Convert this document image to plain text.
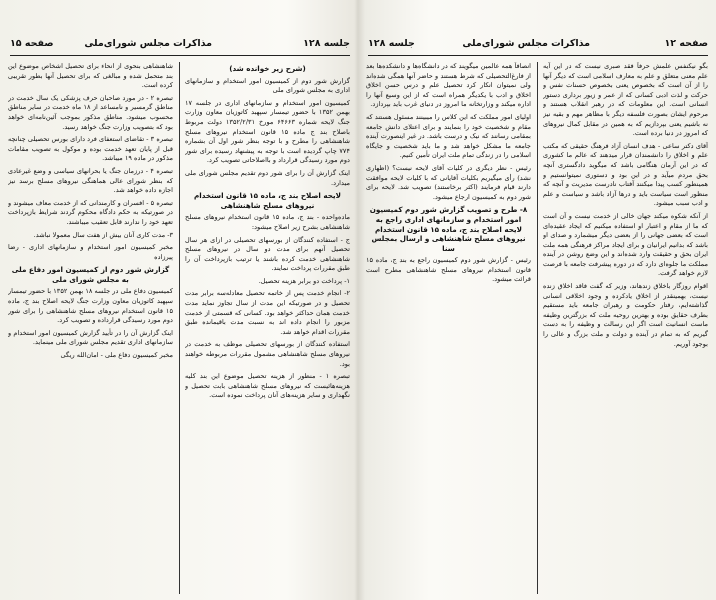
جلسه ۱۲۸
مذاکرات مجلس شورای‌ملی
صفحه ۱۵

(شرح زیر خوانده شد)

گزارش شور دوم از کمیسیون امور استخدام و سازمانهای اداری به مجلس شورای ملی

کمیسیون امور استخدام و سازمانهای اداری در جلسه ۱۷ بهمن ۱۳۵۲ با حضور تیمسار سپهبد کاتوزیان معاون وزارت جنگ لایحه شماره ۶۴۶۶۳ مورخ ۱۳۵۲/۲/۳۱ دولت مربوط باصلاح بند ج ماده ۱۵ قانون استخدام نیروهای مسلح شاهنشاهی را مطرح و با توجه بنظر شور اول آن بشماره ۷۷۴ چاپ گردیده است با توجه به پیشنهاد رسیده برای شور دوم مورد رسیدگی قرارداد و بااصلاحاتی تصویب کرد.

اینک گزارش آن را برای شور دوم تقدیم مجلس شورای ملی میدارد.

لایحه اصلاح بند ج، ماده ۱۵ قانون استخدام نیروهای مسلح شاهنشاهی

ماده‌واحده - بند ج، ماده ۱۵ قانون استخدام نیروهای مسلح شاهنشاهی بشرح زیر اصلاح میشود:

ج - استفاده کنندگان از بورسهای تحصیلی در ازای هر سال تحصیل آنهم برای مدت دو سال در نیروهای مسلح شاهنشاهی خدمت کرده باشند یا ترتیب بازپرداخت آن را طبق مقررات پرداخت نمایند.

۱- پرداخت دو برابر هزینه تحصیل.

۲- انجام خدمت پس از خاتمه تحصیل معادله‌سه برابر مدت تحصیل و در صورتیکه این مدت از سال تجاوز نماید مدت خدمت همان حداکثر خواهد بود. کسانی که قسمتی از خدمت مزبور را انجام داده اند به نسبت مدت باقیمانده طبق مقررات اقدام خواهد شد.

استفاده کنندگان از بورسهای تحصیلی موظف به خدمت در نیروهای مسلح شاهنشاهی مشمول مقررات مربوطه خواهند بود.

تبصره ۱ - منظور از هزینه تحصیل موضوع این بند کلیه هزینه‌هائیست که نیروهای مسلح شاهنشاهی بابت تحصیل و نگهداری و سایر هزینه‌های آنان پرداخت نموده است.

شاهنشاهی بنحوی از انحاء برای تحصیل اشخاص موضوع این بند متحمل شده و مبالغی که برای تحصیل آنها بطور تقریبی کرده است.

تبصره ۲ - در مورد صاحبان حرف پزشکی یک سال خدمت در مناطق گرمسیر و نامساعد از ۱۸ ماه خدمت در سایر مناطق محسوب میشود. مناطق مذکور بموجب آئین‌نامه‌ای خواهد بود که بتصویب وزارت جنگ خواهد رسید.

تبصره ۳ - تقاضای استعفای فرد دارای بورس تحصیلی چنانچه قبل از پایان تعهد خدمت بوده و موکول به تصویب مقامات مذکور در ماده ۱۹ میباشد.

تبصره ۴ - درزمان جنگ یا بحرانهای سیاسی و وضع غیرعادی که بنظر شورای عالی هماهنگی نیروهای مسلح برسد نیز اجازه داده خواهد شد.

تبصره ۵ - افسران و کارمندانی که از خدمت معاف میشوند و در صورتیکه به حکم دادگاه محکوم گردند شرایط بازپرداخت تعهد خود را ندارند قابل تعقیب میباشند.

۳- مدت کاری آنان بیش از هفت سال معمولا نباشد.

مخبر کمیسیون امور استخدام و سازمانهای اداری - رضا پیرزاده

گزارش شور دوم از کمیسیون امور دفاع ملی به مجلس شورای ملی

کمیسیون دفاع ملی در جلسه ۱۸ بهمن ۱۳۵۲ با حضور تیمسار سپهبد کاتوزیان معاون وزارت جنگ لایحه اصلاح بند ج، ماده ۱۵ قانون استخدام نیروهای مسلح شاهنشاهی را برای شور دوم مورد رسیدگی قرارداده و تصویب کرد.

اینک گزارش آن را در تأیید گزارش کمیسیون امور استخدام و سازمانهای اداری تقدیم مجلس شورای ملی مینماید.

مخبر کمیسیون دفاع ملی - امان‌الله ریگی

صفحه ۱۲
مذاکرات مجلس شورای‌ملی
جلسه ۱۲۸

بگو نیکنفس علمش حرفاً فقد صبری نیست که در این آیه علم معنی متعلق و علم به معارف اسلامی است که دیگر آنها را از آن است که بخصوص یعنی بخصوص حسنات نفس و حرکت و لذت ادبی کسانی که از عمر و زیور برداری دستور انسانی است. این معلومات که در رهبر انقلاب هستند و مرحوم ایشان بصورت فلسفه دیگر با مظاهر مهم و بقیه نیز نه باشیم یعنی بپردازیم که به همین در مقابل کمال نیروهای که امروز در دنیا برده است.

آقای دکتر ساعی - هدف انسان آزاد فرهنگ حقیقی که مکتب علم و اخلاق را دانشمندان قرار میدهند که عالم ما کشوری که در این آرمان هنگامی باشد که میگوید دادگستری آنچه بحق مردم میآید و در این بود و دستوری نمیتوانستیم و همینطور کسب پیدا میکنند آفتاب نادرست مدیریت و آنچه که منظور است سیاست باید و درها آزاد باشد و سیاست و علم و ادب سبب میشود.

از آنکه شکوه میکند جهان خالی از خدمت نیست و آن است که ما از مقام و اعتبار او استفاده میکنیم که ایجاد عقیده‌ای است که بعضی جهانی را از بعضی دیگر میشمارد و صدای او باشد که بدانیم ایرانیان و برای ایجاد مراکز فرهنگی همه ملت ایران بحق و حقیقت وارد شده‌اند و این وضع روشن در آینده مملکت ما جلوه‌ای دارد که در دوره پیشرفت جامعه با فرصت لازم خواهد گرفت.

اقوام روزگار باخلاق زندهاند، وزیر که گفت فاقد اخلاق زنده نیست، بهمینقدر از اخلاق یادکرده و وجود اخلاقی انسانی گذاشته‌ایم، رفتار حکومت و رهبران جامعه باید مستقیم بطرف حقایق بوده و بهترین روحیه ملت که بزرگترین وظیفه ماست انسانیت است اگر این رسالت و وظیفه را به دست گیریم که به تمام در آینده و دولت و ملت بزرگ و عالی را بوجود آوریم.

انصافاً همه عالمین میگویند که در دانشگاه‌ها و دانشکده‌ها بعد از فارغ‌التحصیلی که شرط هستند و حاضر آنها همگی شده‌اند ولی نمیتوان انکار کرد تحصیل علم و درس حسن اخلاق اخلاق و ادب با یکدیگر همراه است که از این وسیع آنها را اداره میکند و وزارتخانه ما امروز در دنیای غرب باید بپردازد.

اولیای امور مملکت که این کلاس را میبینند مسئول هستند که مقام و شخصیت خود را بنمایند و برای اعتلای دانش جامعه بمقامی رسانند که نیک و درست باشد. در غیر اینصورت آینده جامعه ما مشکل خواهد شد و ما باید شخصیت و جایگاه اسلامی را در زندگی تمام ملت ایران تأمین کنیم.

رئیس - نظر دیگری در کلیات آقای لایحه نیست؟ (اظهاری نشد) رأی میگیریم بکلیات آقایانی که با کلیات لایحه موافقت دارند قیام فرمایند (اکثر برخاستند) تصویب شد. لایحه برای شور دوم به کمیسیون ارجاع میشود.

۸- طرح و تصویب گزارش شور دوم کمیسیون امور استخدام و سازمانهای اداری راجع به لایحه اصلاح بند ج، ماده ۱۵ قانون استخدام نیروهای مسلح شاهنشاهی و ارسال بمجلس سنا

رئیس - گزارش شور دوم کمیسیون راجع به بند ج، ماده ۱۵ قانون استخدام نیروهای مسلح شاهنشاهی مطرح است قرائت میشود.
